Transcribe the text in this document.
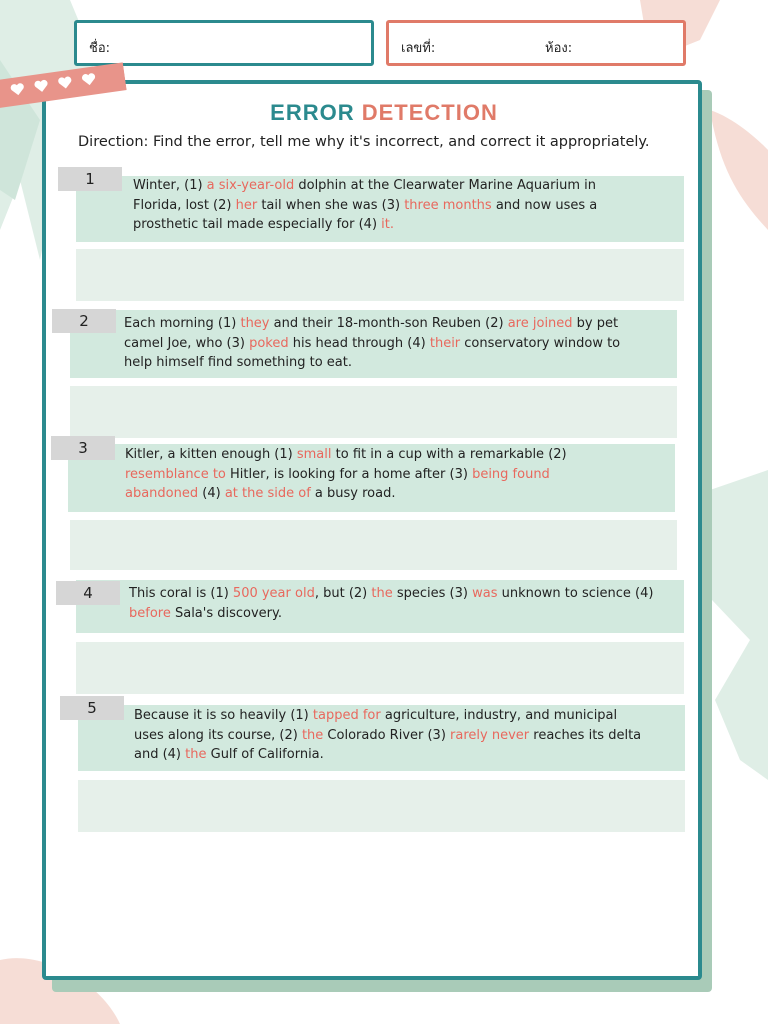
ชื่อ:	เลขที่:	ห้อง:
ERROR DETECTION
Direction: Find the error, tell me why it's incorrect, and correct it appropriately.
Winter, (1) a six-year-old dolphin at the Clearwater Marine Aquarium in Florida, lost (2) her tail when she was (3) three months and now uses a prosthetic tail made especially for (4) it.
1
Each morning (1) they and their 18-month-son Reuben (2) are joined by pet camel Joe, who (3) poked his head through (4) their conservatory window to help himself find something to eat.
2
Kitler, a kitten enough (1) small to fit in a cup with a remarkable (2) resemblance to Hitler, is looking for a home after (3) being found abandoned (4) at the side of a busy road.
3
This coral is (1) 500 year old, but (2) the species (3) was unknown to science (4) before Sala's discovery.
4
Because it is so heavily (1) tapped for agriculture, industry, and municipal uses along its course, (2) the Colorado River (3) rarely never reaches its delta and (4) the Gulf of California.
5
